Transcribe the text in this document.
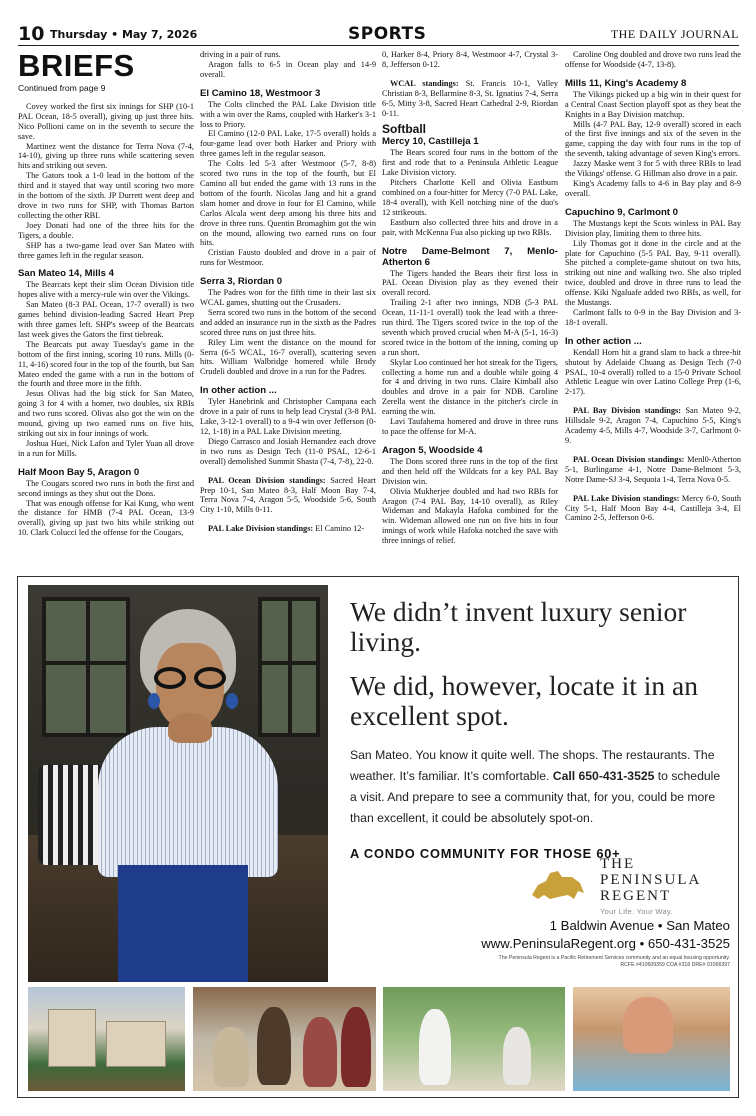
10 Thursday • May 7, 2026	SPORTS	THE DAILY JOURNAL
BRIEFS
Continued from page 9

Covey worked the first six innings for SHP (10-1 PAL Ocean, 18-5 overall), giving up just three hits. Nico Pollioni came on in the seventh to secure the save.

Martinez went the distance for Terra Nova (7-4, 14-10), giving up three runs while scattering seven hits and striking out seven.

The Gators took a 1-0 lead in the bottom of the third and it stayed that way until scoring two more in the bottom of the sixth. JP Durrett went deep and drove in two runs for SHP, with Thomas Barton collecting the other RBI.

Joey Donati had one of the three hits for the Tigers, a double.

SHP has a two-game lead over San Mateo with three games left in the regular season.

San Mateo 14, Mills 4

The Bearcats kept their slim Ocean Division title hopes alive with a mercy-rule win over the Vikings.

San Mateo (8-3 PAL Ocean, 17-7 overall) is two games behind division-leading Sacred Heart Prep with three games left. SHP's sweep of the Bearcats last week gives the Gators the first tiebreak.

The Bearcats put away Tuesday's game in the bottom of the first inning, scoring 10 runs. Mills (0-11, 4-16) scored four in the top of the fourth, but San Mateo ended the game with a run in the bottom of the fourth and three more in the fifth.

Jesus Olivas had the big stick for San Mateo, going 3 for 4 with a homer, two doubles, six RBIs and two runs scored. Olivas also got the win on the mound, giving up two earned runs on five hits, striking out six in four innings of work.

Joshua Huei, Nick Lafon and Tyler Yuan all drove in a run for Mills.

Half Moon Bay 5, Aragon 0

The Cougars scored two runs in both the first and second innings as they shut out the Dons.

That was enough offense for Kai Kung, who went the distance for HMB (7-4 PAL Ocean, 13-9 overall), giving up just two hits while striking out 10. Clark Colucci led the offense for the Cougars,

driving in a pair of runs.

Aragon falls to 6-5 in Ocean play and 14-9 overall.

El Camino 18, Westmoor 3

The Colts clinched the PAL Lake Division title with a win over the Rams, coupled with Harker's 3-1 loss to Priory.

El Camino (12-0 PAL Lake, 17-5 overall) holds a four-game lead over both Harker and Priory with three games left in the regular season.

The Colts led 5-3 after Westmoor (5-7, 8-8) scored two runs in the top of the fourth, but El Camino all but ended the game with 13 runs in the bottom of the fourth. Nicolas Jang and hit a grand slam homer and drove in four for El Camino, while Carlos Alcala went deep among his three hits and drove in three runs. Quentin Bromaghim got the win on the mound, allowing two earned runs on four hits.

Cristian Fausto doubled and drove in a pair of runs for Westmoor.

Serra 3, Riordan 0

The Padres won for the fifth time in their last six WCAL games, shutting out the Crusaders.

Serra scored two runs in the bottom of the second and added an insurance run in the sixth as the Padres scored three runs on just three hits.

Riley Lim went the distance on the mound for Serra (6-5 WCAL, 16-7 overall), scattering seven hits. William Walbridge homered while Brody Crudeli doubled and drove in a run for the Padres.

In other action ...

Tyler Hanebrink and Christopher Campana each drove in a pair of runs to help lead Crystal (3-8 PAL Lake, 3-12-1 overall) to a 9-4 win over Jefferson (0-12, 1-18) in a PAL Lake Division meeting.

Diego Carrasco and Josiah Hernandez each drove in two runs as Design Tech (11-0 PSAL, 12-6-1 overall) demolished Summit Shasta (7-4, 7-8), 22-0.

PAL Ocean Division standings: Sacred Heart Prep 10-1, San Mateo 8-3, Half Moon Bay 7-4, Terra Nova 7-4, Aragon 5-5, Woodside 5-6, South City 1-10, Mills 0-11.

PAL Lake Division standings: El Camino 12-

0, Harker 8-4, Priory 8-4, Westmoor 4-7, Crystal 3-8, Jefferson 0-12.

WCAL standings: St. Francis 10-1, Valley Christian 8-3, Bellarmine 8-3, St. Ignatius 7-4, Serra 6-5, Mitty 3-8, Sacred Heart Cathedral 2-9, Riordan 0-11.

Softball
Mercy 10, Castilleja 1

The Bears scored four runs in the bottom of the first and rode that to a Peninsula Athletic League Lake Division victory.

Pitchers Charlotte Kell and Olivia Eastburn combined on a four-hitter for Mercy (7-0 PAL Lake, 18-4 overall), with Kell notching nine of the duo's 12 strikeouts.

Eastburn also collected three hits and drove in a pair, with McKenna Fua also picking up two RBIs.

Notre Dame-Belmont 7, Menlo-Atherton 6

The Tigers handed the Bears their first loss in PAL Ocean Division play as they evened their overall record.

Trailing 2-1 after two innings, NDB (5-3 PAL Ocean, 11-11-1 overall) took the lead with a three-run third. The Tigers scored twice in the top of the seventh which proved crucial when M-A (5-1, 16-3) scored twice in the bottom of the inning, coming up a run short.

Skylar Loo continued her hot streak for the Tigers, collecting a home run and a double while going 4 for 4 and driving in two runs. Claire Kimball also doubles and drove in a pair for NDB. Caroline Zerella went the distance in the pitcher's circle in earning the win.

Lavi Taufahema homered and drove in three runs to pace the offense for M-A.

Aragon 5, Woodside 4

The Dons scored three runs in the top of the first and then held off the Wildcats for a key PAL Bay Division win.

Olivia Mukherjee doubled and had two RBIs for Aragon (7-4 PAL Bay, 14-10 overall), as Riley Wideman and Makayla Hafoka combined for the win. Wideman allowed one run on five hits in four innings of work while Hafoka notched the save with three innings of relief.

Caroline Ong doubled and drove two runs lead the offense for Woodside (4-7, 13-8).

Mills 11, King's Academy 8

The Vikings picked up a big win in their quest for a Central Coast Section playoff spot as they beat the Knights in a Bay Division matchup.

Mills (4-7 PAL Bay, 12-9 overall) scored in each of the first five innings and six of the seven in the game, capping the day with four runs in the top of the seventh, taking advantage of seven King's errors.

Jazzy Maske went 3 for 5 with three RBIs to lead the Vikings' offense. G Hillman also drove in a pair.

King's Academy falls to 4-6 in Bay play and 8-9 overall.

Capuchino 9, Carlmont 0

The Mustangs kept the Scots winless in PAL Bay Division play, limiting them to three hits.

Lily Thomas got it done in the circle and at the plate for Capuchino (5-5 PAL Bay, 9-11 overall). She pitched a complete-game shutout on two hits, striking out nine and walking two. She also tripled twice, doubled and drove in three runs to lead the offense. Kiki Ngaluafe added two RBIs, as well, for the Mustangs.

Carlmont falls to 0-9 in the Bay Division and 3-18-1 overall.

In other action ...

Kendall Horn hit a grand slam to back a three-hit shutout by Adelaide Chuang as Design Tech (7-0 PSAL, 10-4 overall) rolled to a 15-0 Private School Athletic League win over Latino College Prep (1-6, 2-17).

PAL Bay Division standings: San Mateo 9-2, Hillsdale 9-2, Aragon 7-4, Capuchino 5-5, King's Academy 4-5, Mills 4-7, Woodside 3-7, Carlmont 0-9.

PAL Ocean Division standings: Menl0-Atherton 5-1, Burlingame 4-1, Notre Dame-Belmont 5-3, Notre Dame-SJ 3-4, Sequoia 1-4, Terra Nova 0-5.

PAL Lake Division standings: Mercy 6-0, South City 5-1, Half Moon Bay 4-4, Castilleja 3-4, El Camino 2-5, Jefferson 0-6.

We didn’t invent luxury senior living.
We did, however, locate it in an excellent spot.
San Mateo. You know it quite well. The shops. The restaurants. The weather. It’s familiar. It’s comfortable. Call 650-431-3525 to schedule a visit. And prepare to see a community that, for you, could be more than excellent, it could be absolutely spot-on.
A CONDO COMMUNITY FOR THOSE 60+
THE
PENINSULA
REGENT
Your Life. Your Way.
1 Baldwin Avenue • San Mateo
www.PeninsulaRegent.org • 650-431-3525
The Peninsula Regent is a Pacific Retirement Services community and an equal housing opportunity. RCFE #410509359 COA #318 DRE# 01066397
